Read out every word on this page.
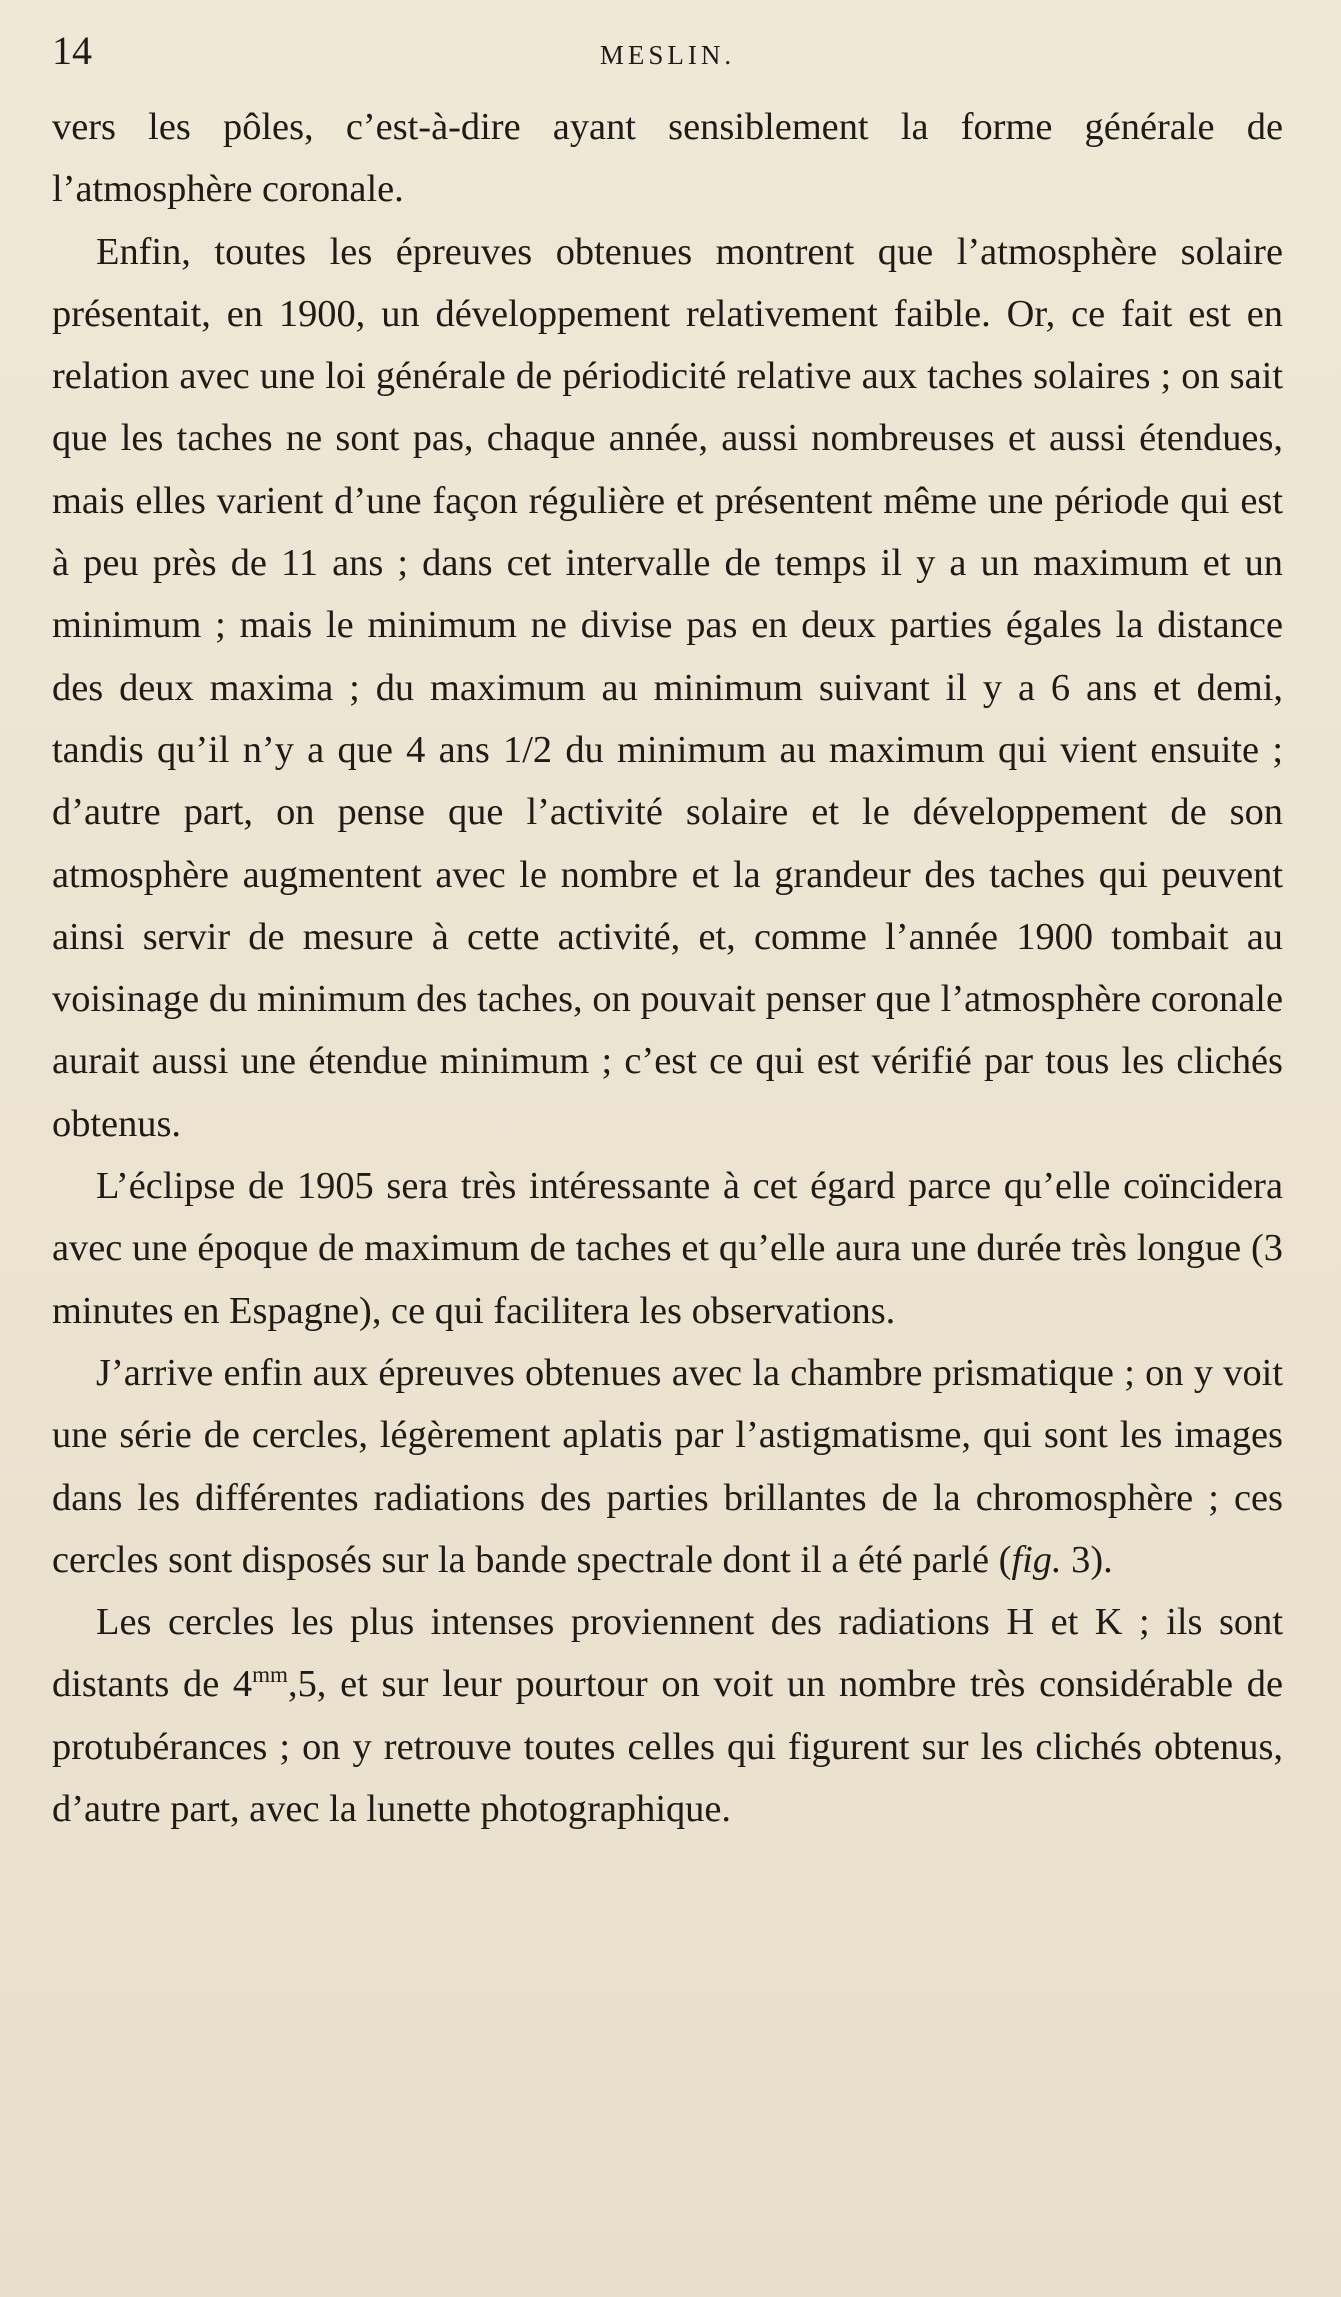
14	MESLIN.

vers les pôles, c’est-à-dire ayant sensiblement la forme générale de l’atmosphère coronale.

Enfin, toutes les épreuves obtenues montrent que l’atmosphère solaire présentait, en 1900, un développement relativement faible. Or, ce fait est en relation avec une loi générale de périodicité relative aux taches solaires ; on sait que les taches ne sont pas, chaque année, aussi nombreuses et aussi étendues, mais elles varient d’une façon régulière et présentent même une période qui est à peu près de 11 ans ; dans cet intervalle de temps il y a un maximum et un minimum ; mais le minimum ne divise pas en deux parties égales la distance des deux maxima ; du maximum au minimum suivant il y a 6 ans et demi, tandis qu’il n’y a que 4 ans 1/2 du minimum au maximum qui vient ensuite ; d’autre part, on pense que l’activité solaire et le développement de son atmosphère augmentent avec le nombre et la grandeur des taches qui peuvent ainsi servir de mesure à cette activité, et, comme l’année 1900 tombait au voisinage du minimum des taches, on pouvait penser que l’atmosphère coronale aurait aussi une étendue minimum ; c’est ce qui est vérifié par tous les clichés obtenus.

L’éclipse de 1905 sera très intéressante à cet égard parce qu’elle coïncidera avec une époque de maximum de taches et qu’elle aura une durée très longue (3 minutes en Espagne), ce qui facilitera les observations.

J’arrive enfin aux épreuves obtenues avec la chambre prismatique ; on y voit une série de cercles, légèrement aplatis par l’astigmatisme, qui sont les images dans les différentes radiations des parties brillantes de la chromosphère ; ces cercles sont disposés sur la bande spectrale dont il a été parlé (fig. 3).

Les cercles les plus intenses proviennent des radiations H et K ; ils sont distants de $4^{mm},5$, et sur leur pourtour on voit un nombre très considérable de protubérances ; on y retrouve toutes celles qui figurent sur les clichés obtenus, d’autre part, avec la lunette photographique.
